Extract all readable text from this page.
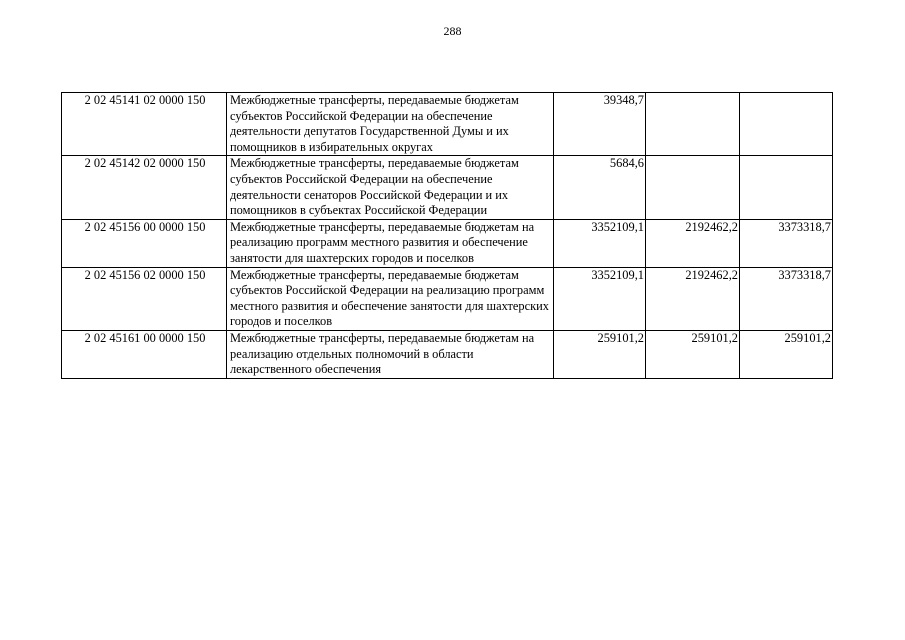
288
2 02 45141 02 0000 150	Межбюджетные трансферты, передаваемые бюджетам субъектов Российской Федерации на обеспечение деятельности депутатов Государственной Думы и их помощников в избирательных округах	39348,7		
2 02 45142 02 0000 150	Межбюджетные трансферты, передаваемые бюджетам субъектов Российской Федерации на обеспечение деятельности сенаторов Российской Федерации и их помощников в субъектах Российской Федерации	5684,6		
2 02 45156 00 0000 150	Межбюджетные трансферты, передаваемые бюджетам на реализацию программ местного развития и обеспечение занятости для шахтерских городов и поселков	3352109,1	2192462,2	3373318,7
2 02 45156 02 0000 150	Межбюджетные трансферты, передаваемые бюджетам субъектов Российской Федерации на реализацию программ местного развития и обеспечение занятости для шахтерских городов и поселков	3352109,1	2192462,2	3373318,7
2 02 45161 00 0000 150	Межбюджетные трансферты, передаваемые бюджетам на реализацию отдельных полномочий в области лекарственного обеспечения	259101,2	259101,2	259101,2
